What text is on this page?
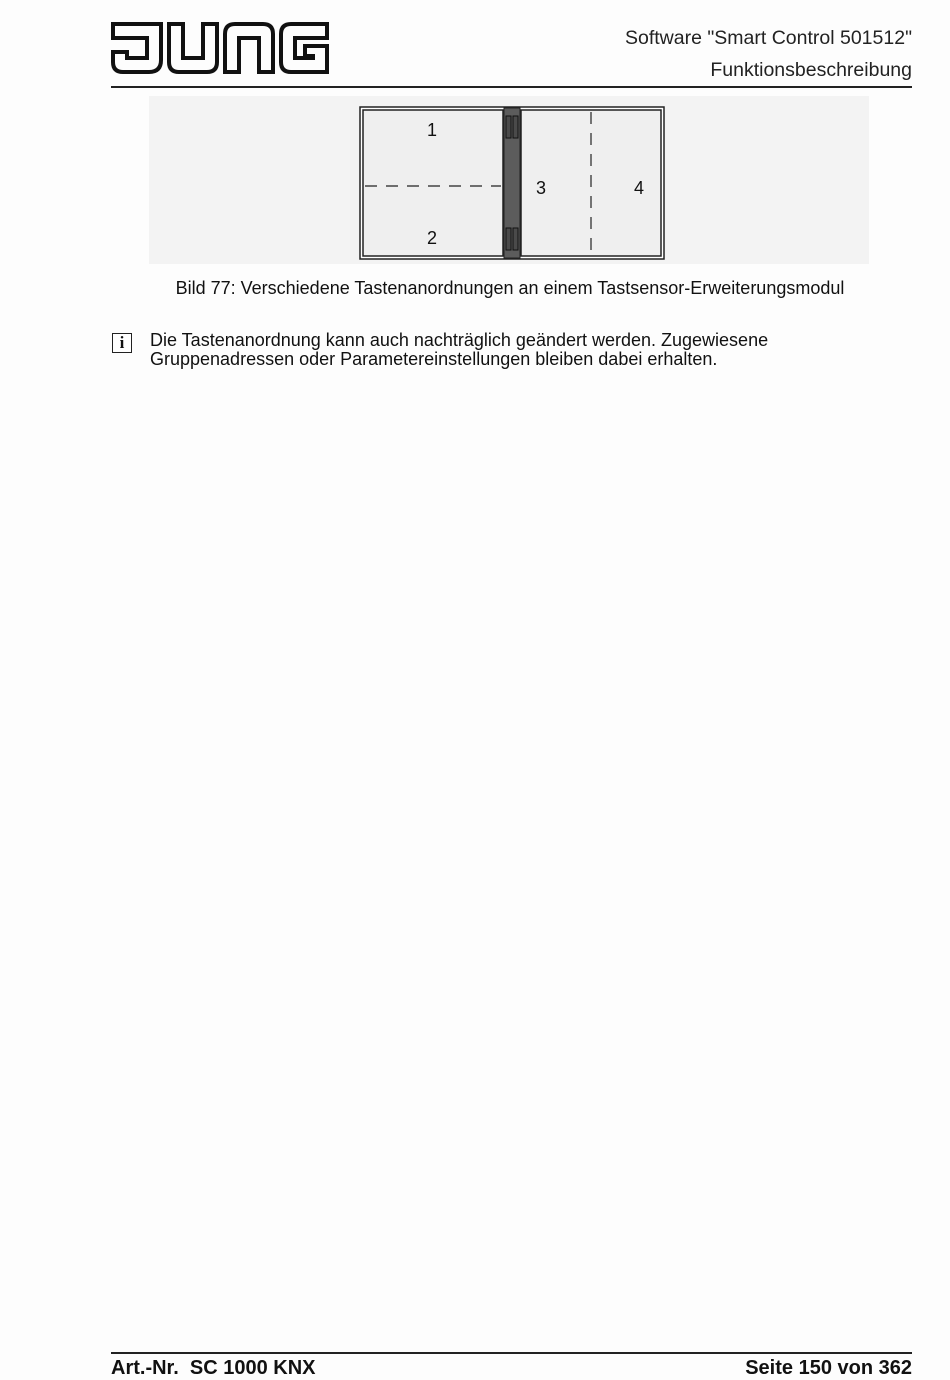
Software "Smart Control 501512"
Funktionsbeschreibung
1
2
3	4
Bild 77: Verschiedene Tastenanordnungen an einem Tastsensor-Erweiterungsmodul
i	Die Tastenanordnung kann auch nachträglich geändert werden. Zugewiesene Gruppenadressen oder Parametereinstellungen bleiben dabei erhalten.
Art.-Nr.  SC 1000 KNX	Seite 150 von 362
